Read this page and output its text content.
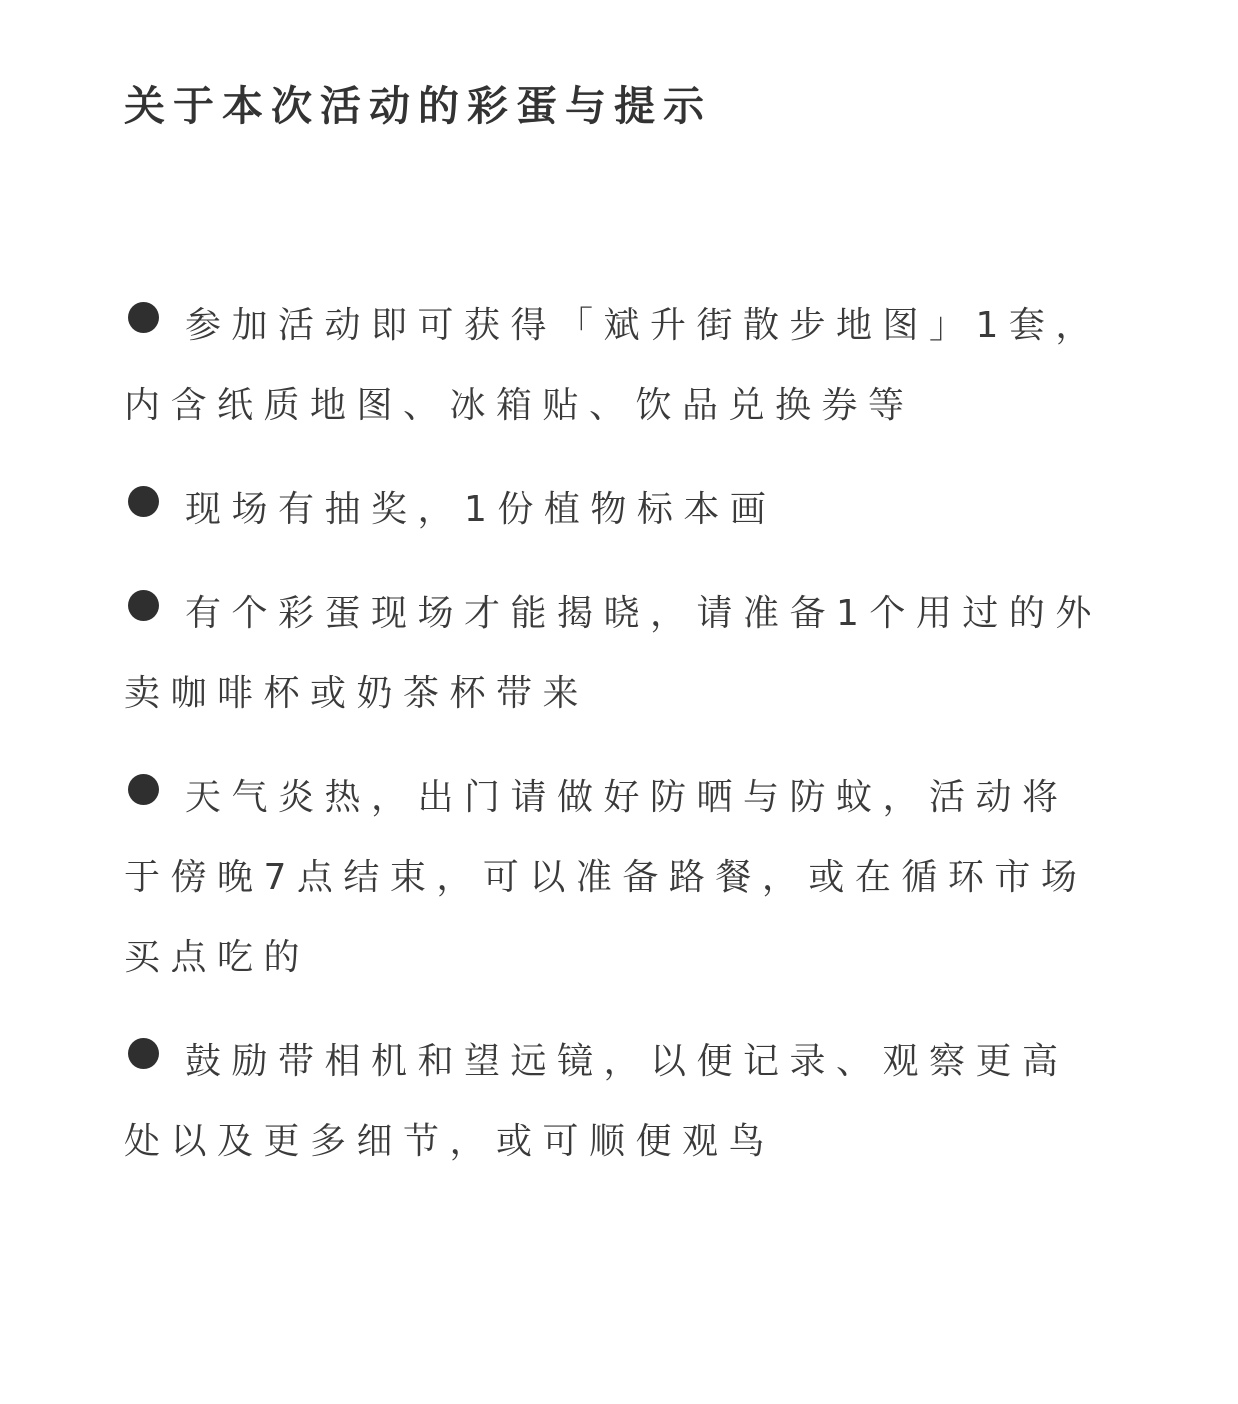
关于本次活动的彩蛋与提示
参加活动即可获得「斌升街散步地图」1套，内含纸质地图、冰箱贴、饮品兑换券等
现场有抽奖，1份植物标本画
有个彩蛋现场才能揭晓，请准备1个用过的外卖咖啡杯或奶茶杯带来
天气炎热，出门请做好防晒与防蚊，活动将于傍晚7点结束，可以准备路餐，或在循环市场买点吃的
鼓励带相机和望远镜，以便记录、观察更高处以及更多细节，或可顺便观鸟
